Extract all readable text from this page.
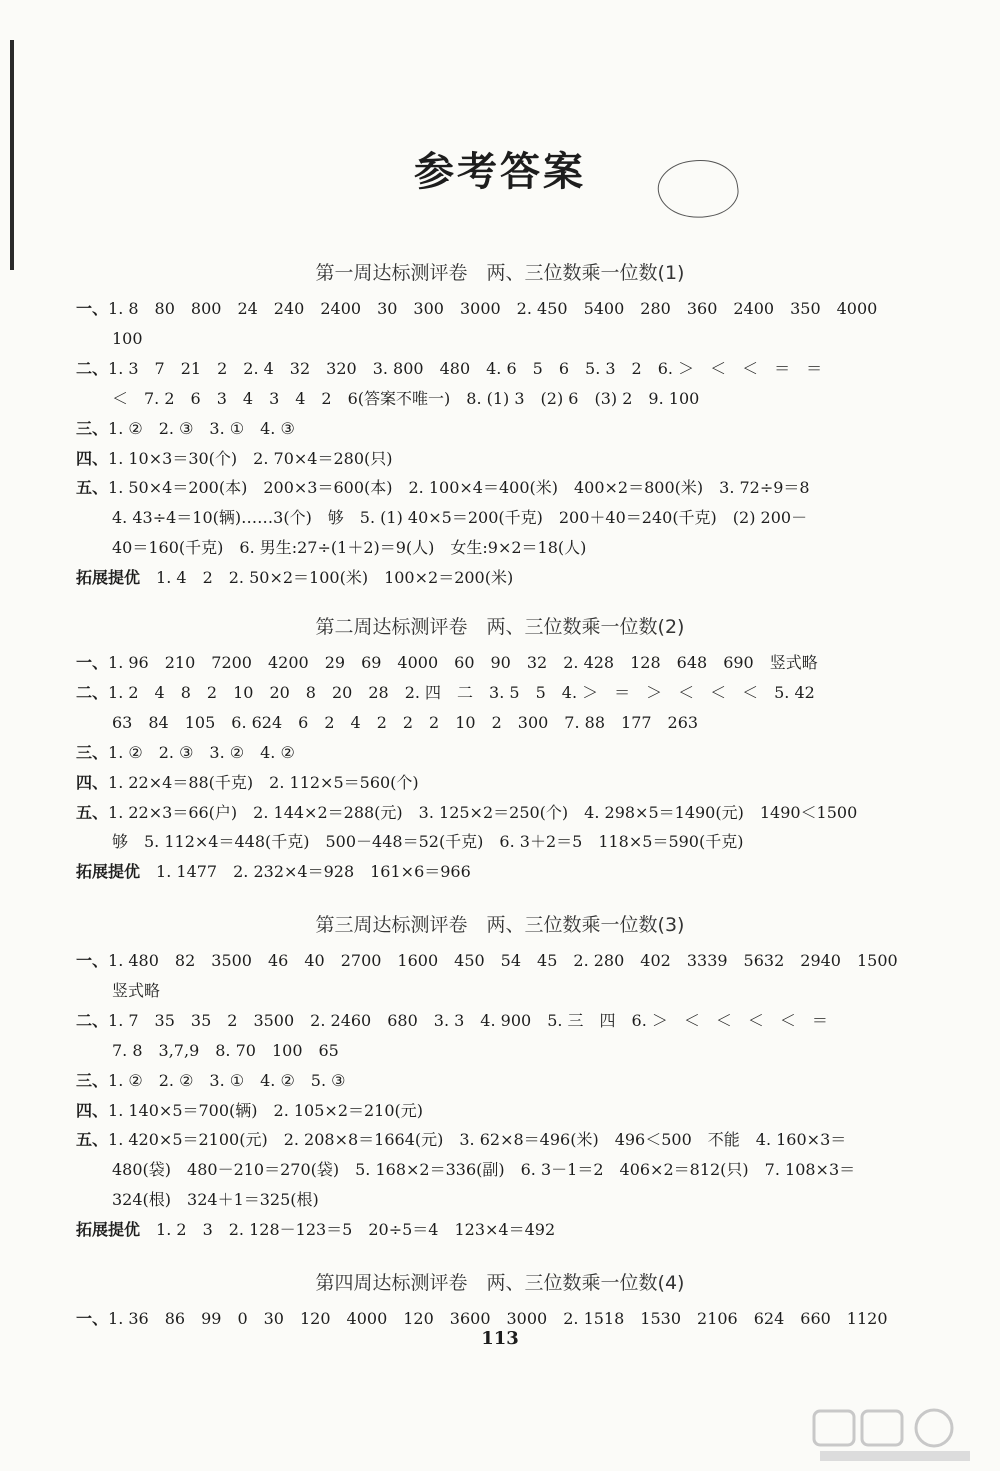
参考答案
第一周达标测评卷　两、三位数乘一位数(1)
一、1. 8　80　800　24　240　2400　30　300　3000　2. 450　5400　280　360　2400　350　4000
100
二、1. 3　7　21　2　2. 4　32　320　3. 800　480　4. 6　5　6　5. 3　2　6. ＞　＜　＜　＝　＝
＜　7. 2　6　3　4　3　4　2　6(答案不唯一)　8. (1) 3　(2) 6　(3) 2　9. 100
三、1. ②　2. ③　3. ①　4. ③
四、1. 10×3＝30(个)　2. 70×4＝280(只)
五、1. 50×4＝200(本)　200×3＝600(本)　2. 100×4＝400(米)　400×2＝800(米)　3. 72÷9＝8
4. 43÷4＝10(辆)……3(个)　够　5. (1) 40×5＝200(千克)　200＋40＝240(千克)　(2) 200－
40＝160(千克)　6. 男生:27÷(1＋2)＝9(人)　女生:9×2＝18(人)
拓展提优　 1. 4　2　2. 50×2＝100(米)　100×2＝200(米)
第二周达标测评卷　两、三位数乘一位数(2)
一、1. 96　210　7200　4200　29　69　4000　60　90　32　2. 428　128　648　690　竖式略
二、1. 2　4　8　2　10　20　8　20　28　2. 四　二　3. 5　5　4. ＞　＝　＞　＜　＜　＜　5. 42
63　84　105　6. 624　6　2　4　2　2　2　10　2　300　7. 88　177　263
三、1. ②　2. ③　3. ②　4. ②
四、1. 22×4＝88(千克)　2. 112×5＝560(个)
五、1. 22×3＝66(户)　2. 144×2＝288(元)　3. 125×2＝250(个)　4. 298×5＝1490(元)　1490＜1500
够　5. 112×4＝448(千克)　500－448＝52(千克)　6. 3＋2＝5　118×5＝590(千克)
拓展提优　 1. 1477　2. 232×4＝928　161×6＝966
第三周达标测评卷　两、三位数乘一位数(3)
一、1. 480　82　3500　46　40　2700　1600　450　54　45　2. 280　402　3339　5632　2940　1500
竖式略
二、1. 7　35　35　2　3500　2. 2460　680　3. 3　4. 900　5. 三　四　6. ＞　＜　＜　＜　＜　＝
7. 8　3,7,9　8. 70　100　65
三、1. ②　2. ②　3. ①　4. ②　5. ③
四、1. 140×5＝700(辆)　2. 105×2＝210(元)
五、1. 420×5＝2100(元)　2. 208×8＝1664(元)　3. 62×8＝496(米)　496＜500　不能　4. 160×3＝
480(袋)　480－210＝270(袋)　5. 168×2＝336(副)　6. 3－1＝2　406×2＝812(只)　7. 108×3＝
324(根)　324＋1＝325(根)
拓展提优　 1. 2　3　2. 128－123＝5　20÷5＝4　123×4＝492
第四周达标测评卷　两、三位数乘一位数(4)
一、1. 36　86　99　0　30　120　4000　120　3600　3000　2. 1518　1530　2106　624　660　1120
113
